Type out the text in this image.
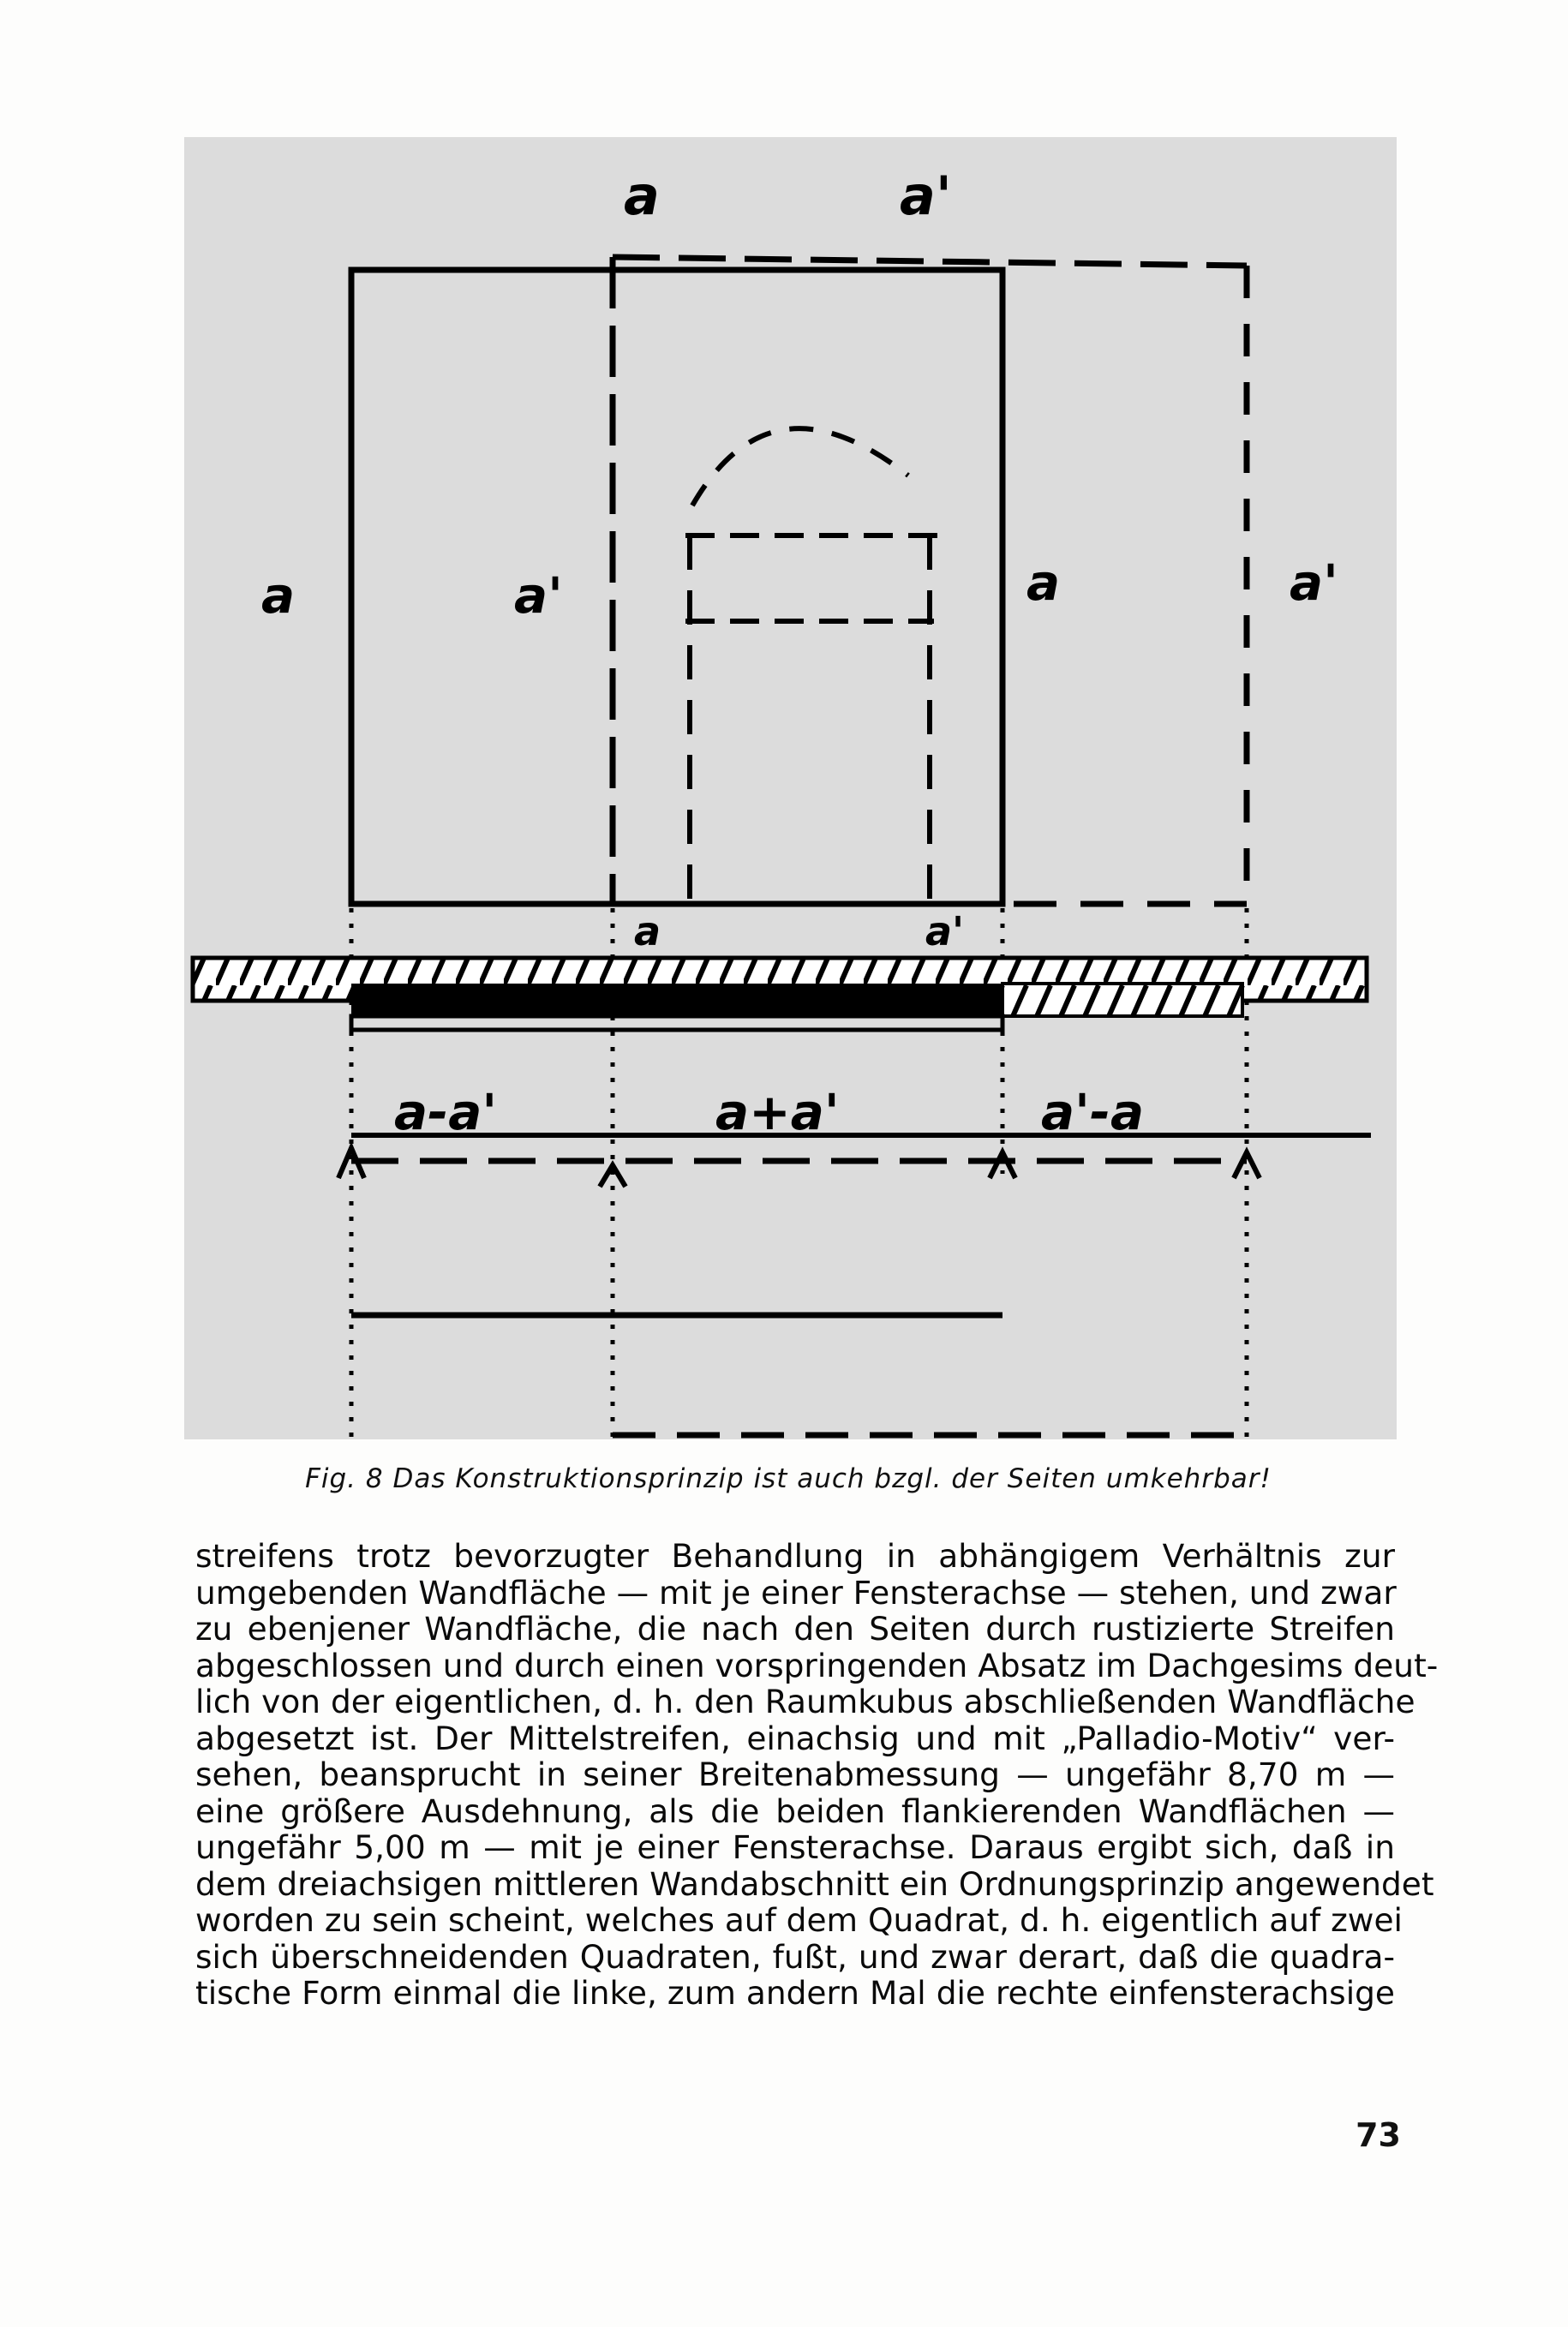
a	a'
a	a'	a	a'
a	a'
a-a'	a+a'	a'-a
Fig. 8 Das Konstruktionsprinzip ist auch bzgl. der Seiten umkehrbar!

streifens trotz bevorzugter Behandlung in abhängigem Verhältnis zur

umgebenden Wandfläche — mit je einer Fensterachse — stehen, und zwar

zu ebenjener Wandfläche, die nach den Seiten durch rustizierte Streifen

abgeschlossen und durch einen vorspringenden Absatz im Dachgesims deut-

lich von der eigentlichen, d. h. den Raumkubus abschließenden Wandfläche

abgesetzt ist. Der Mittelstreifen, einachsig und mit „Palladio-Motiv“ ver-

sehen, beansprucht in seiner Breitenabmessung — ungefähr 8,70 m —

eine größere Ausdehnung, als die beiden flankierenden Wandflächen —

ungefähr 5,00 m — mit je einer Fensterachse. Daraus ergibt sich, daß in

dem dreiachsigen mittleren Wandabschnitt ein Ordnungsprinzip angewendet

worden zu sein scheint, welches auf dem Quadrat, d. h. eigentlich auf zwei

sich überschneidenden Quadraten, fußt, und zwar derart, daß die quadra-

tische Form einmal die linke, zum andern Mal die rechte einfensterachsige

73
